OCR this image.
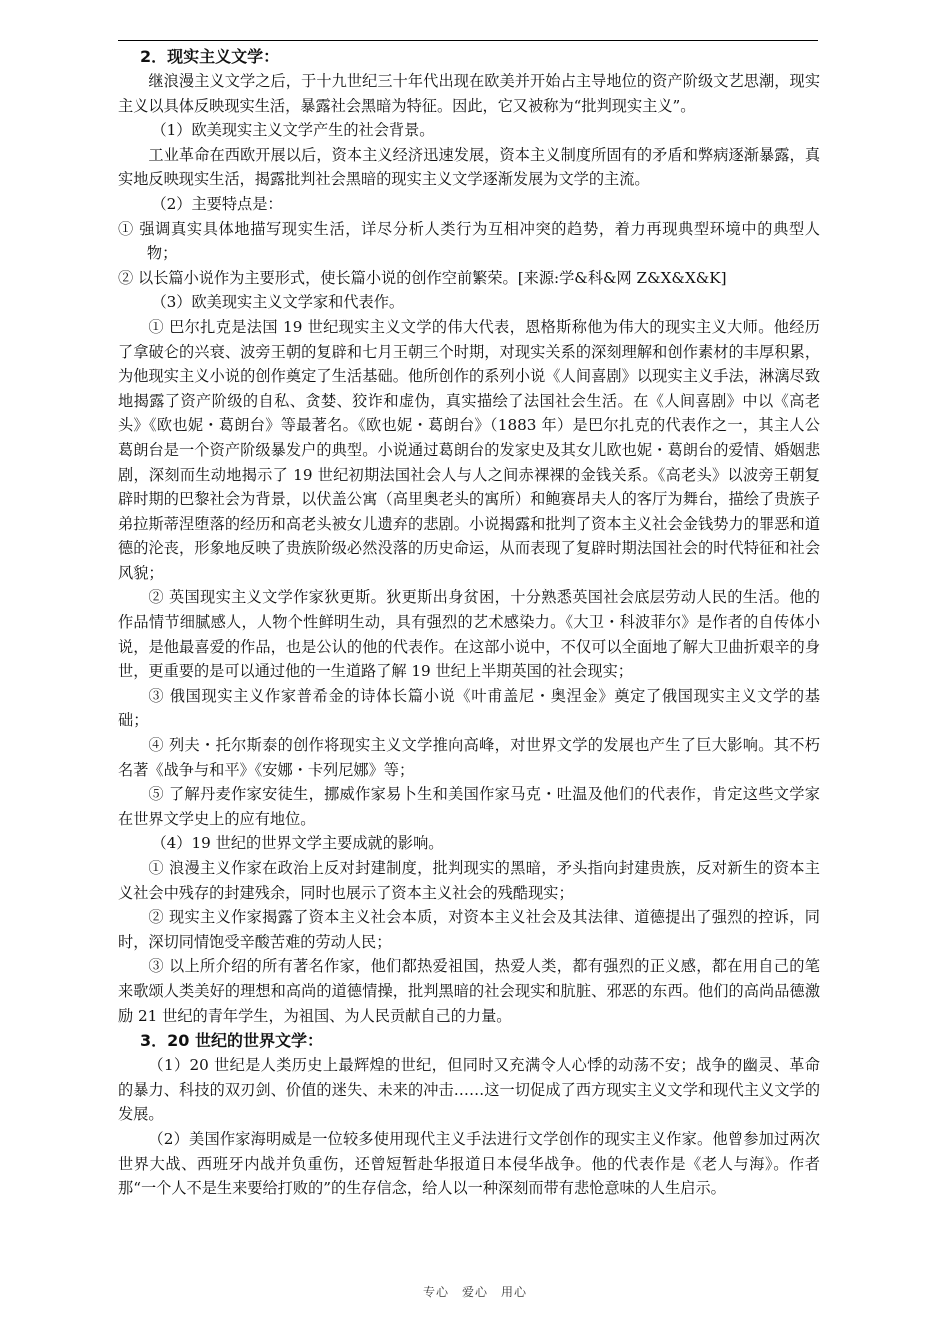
2．现实主义文学：

继浪漫主义文学之后，于十九世纪三十年代出现在欧美并开始占主导地位的资产阶级文艺思潮，现实主义以具体反映现实生活，暴露社会黑暗为特征。因此，它又被称为“批判现实主义”。

（1）欧美现实主义文学产生的社会背景。

工业革命在西欧开展以后，资本主义经济迅速发展，资本主义制度所固有的矛盾和弊病逐渐暴露，真实地反映现实生活，揭露批判社会黑暗的现实主义文学逐渐发展为文学的主流。

（2）主要特点是：

① 强调真实具体地描写现实生活，详尽分析人类行为互相冲突的趋势，着力再现典型环境中的典型人物；

② 以长篇小说作为主要形式，使长篇小说的创作空前繁荣。[来源:学&科&网 Z&X&X&K]

（3）欧美现实主义文学家和代表作。

① 巴尔扎克是法国 19 世纪现实主义文学的伟大代表，恩格斯称他为伟大的现实主义大师。他经历了拿破仑的兴衰、波旁王朝的复辟和七月王朝三个时期，对现实关系的深刻理解和创作素材的丰厚积累，为他现实主义小说的创作奠定了生活基础。他所创作的系列小说《人间喜剧》以现实主义手法，淋漓尽致地揭露了资产阶级的自私、贪婪、狡诈和虚伪，真实描绘了法国社会生活。在《人间喜剧》中以《高老头》《欧也妮・葛朗台》等最著名。《欧也妮・葛朗台》（1883 年）是巴尔扎克的代表作之一，其主人公葛朗台是一个资产阶级暴发户的典型。小说通过葛朗台的发家史及其女儿欧也妮・葛朗台的爱情、婚姻悲剧，深刻而生动地揭示了 19 世纪初期法国社会人与人之间赤裸裸的金钱关系。《高老头》以波旁王朝复辟时期的巴黎社会为背景，以伏盖公寓（高里奥老头的寓所）和鲍赛昂夫人的客厅为舞台，描绘了贵族子弟拉斯蒂涅堕落的经历和高老头被女儿遗弃的悲剧。小说揭露和批判了资本主义社会金钱势力的罪恶和道德的沦丧，形象地反映了贵族阶级必然没落的历史命运，从而表现了复辟时期法国社会的时代特征和社会风貌；

② 英国现实主义文学作家狄更斯。狄更斯出身贫困，十分熟悉英国社会底层劳动人民的生活。他的作品情节细腻感人，人物个性鲜明生动，具有强烈的艺术感染力。《大卫・科波菲尔》是作者的自传体小说，是他最喜爱的作品，也是公认的他的代表作。在这部小说中，不仅可以全面地了解大卫曲折艰辛的身世，更重要的是可以通过他的一生道路了解 19 世纪上半期英国的社会现实；

③ 俄国现实主义作家普希金的诗体长篇小说《叶甫盖尼・奥涅金》奠定了俄国现实主义文学的基础；

④ 列夫・托尔斯泰的创作将现实主义文学推向高峰，对世界文学的发展也产生了巨大影响。其不朽名著《战争与和平》《安娜・卡列尼娜》等；

⑤ 了解丹麦作家安徒生，挪威作家易卜生和美国作家马克・吐温及他们的代表作，肯定这些文学家在世界文学史上的应有地位。

（4）19 世纪的世界文学主要成就的影响。

① 浪漫主义作家在政治上反对封建制度，批判现实的黑暗，矛头指向封建贵族，反对新生的资本主义社会中残存的封建残余，同时也展示了资本主义社会的残酷现实；

② 现实主义作家揭露了资本主义社会本质，对资本主义社会及其法律、道德提出了强烈的控诉，同时，深切同情饱受辛酸苦难的劳动人民；

③ 以上所介绍的所有著名作家，他们都热爱祖国，热爱人类，都有强烈的正义感，都在用自己的笔来歌颂人类美好的理想和高尚的道德情操，批判黑暗的社会现实和肮脏、邪恶的东西。他们的高尚品德激励 21 世纪的青年学生，为祖国、为人民贡献自己的力量。

3．20 世纪的世界文学：

（1）20 世纪是人类历史上最辉煌的世纪，但同时又充满令人心悸的动荡不安；战争的幽灵、革命的暴力、科技的双刃剑、价值的迷失、未来的冲击……这一切促成了西方现实主义文学和现代主义文学的发展。

（2）美国作家海明威是一位较多使用现代主义手法进行文学创作的现实主义作家。他曾参加过两次世界大战、西班牙内战并负重伤，还曾短暂赴华报道日本侵华战争。他的代表作是《老人与海》。作者那“一个人不是生来要给打败的”的生存信念，给人以一种深刻而带有悲怆意味的人生启示。

专心　爱心　用心
